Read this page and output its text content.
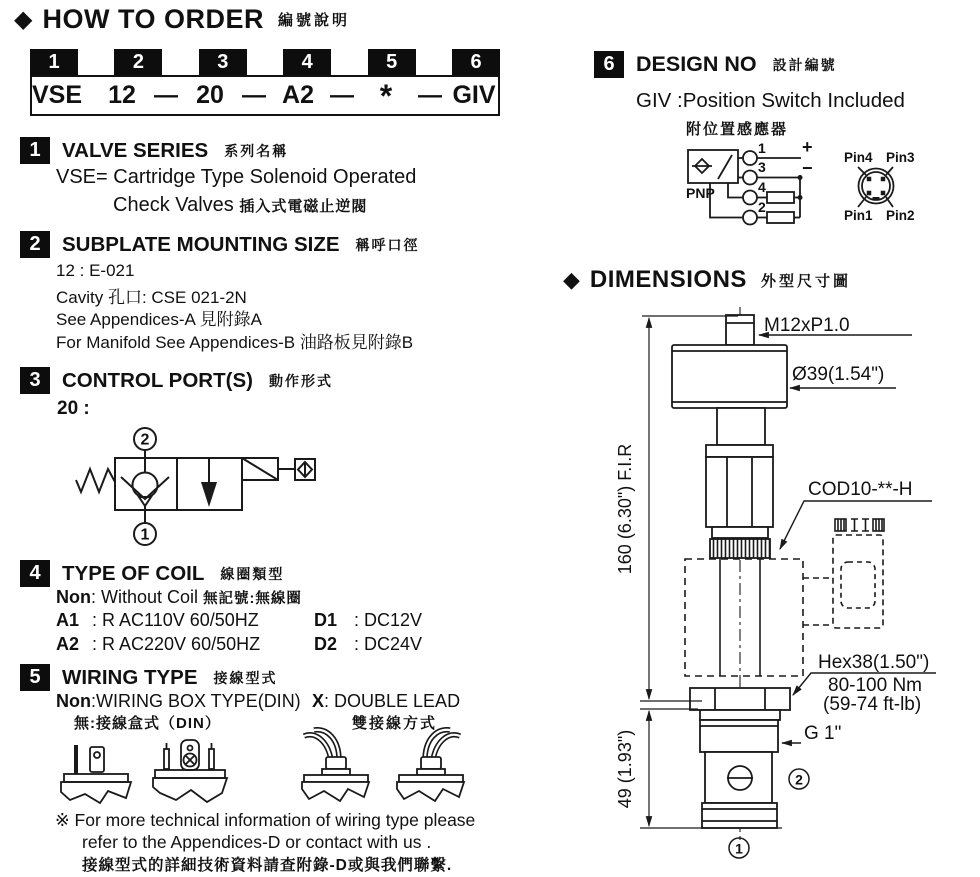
◆ HOW TO ORDER 編號說明
1	2	3	4	5	6
VSE	12 — 20 — A2 — *	— GIV
1	VALVE SERIES 系列名稱
VSE= Cartridge Type Solenoid Operated
Check Valves 插入式電磁止逆閥
2	SUBPLATE MOUNTING SIZE 稱呼口徑
12 : E-021
Cavity 孔口: CSE 021-2N
See Appendices-A 見附錄A
For Manifold See Appendices-B 油路板見附錄B
3	CONTROL PORT(S) 動作形式
20 :
2
1
4	TYPE OF COIL 線圈類型
Non: Without Coil 無記號:無線圈
A1 : R AC110V 60/50HZ	D1 : DC12V
A2 : R AC220V 60/50HZ	D2 : DC24V
5	WIRING TYPE 接線型式
Non:WIRING BOX TYPE(DIN) X: DOUBLE LEAD
無:接線盒式（DIN）	雙接線方式
※ For more technical information of wiring type please
refer to the Appendices-D or contact with us .
接線型式的詳細技術資料請查附錄-D或與我們聯繫.
6 DESIGN NO 設計編號
GIV :Position Switch Included
附位置感應器
1
3
4
2
+
−
PNP
Pin4 Pin3
Pin1 Pin2
◆ DIMENSIONS 外型尺寸圖
M12xP1.0
Ø39(1.54")
COD10-**-H
Hex38(1.50")
80-100 Nm
(59-74 ft-lb)
G 1"
160 (6.30") F.I.R
49 (1.93")	2
1
